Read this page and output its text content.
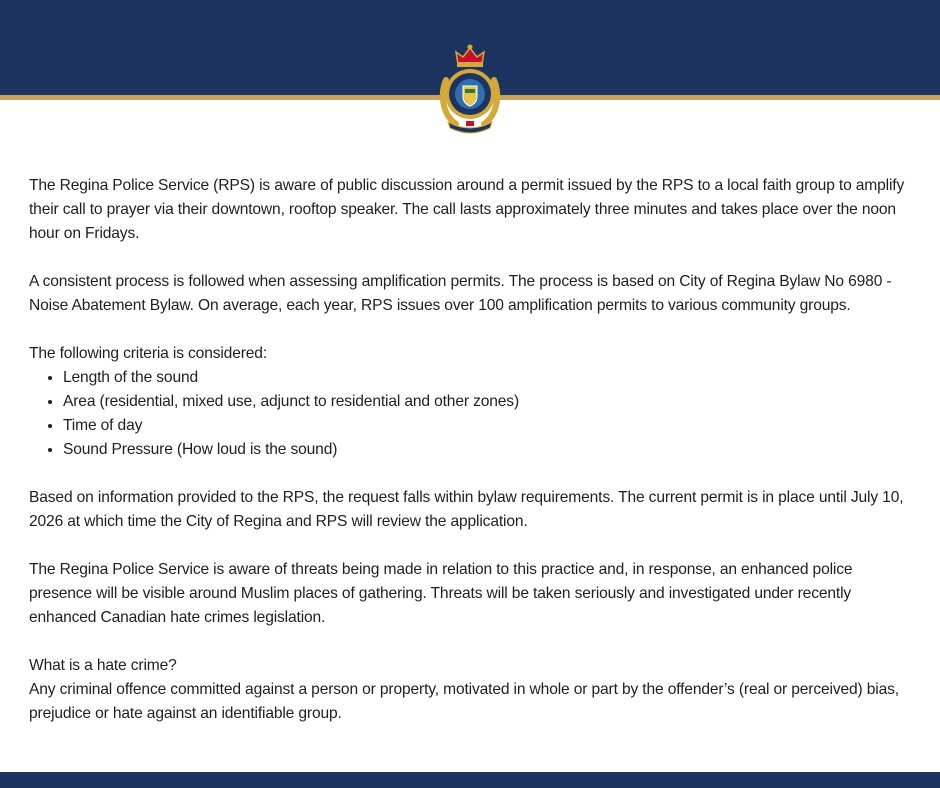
The Regina Police Service (RPS) is aware of public discussion around a permit issued by the RPS to a local faith group to amplify their call to prayer via their downtown, rooftop speaker. The call lasts approximately three minutes and takes place over the noon hour on Fridays.

A consistent process is followed when assessing amplification permits. The process is based on City of Regina Bylaw No 6980 - Noise Abatement Bylaw. On average, each year, RPS issues over 100 amplification permits to various community groups.

The following criteria is considered:

• Length of the sound
• Area (residential, mixed use, adjunct to residential and other zones)
• Time of day
• Sound Pressure (How loud is the sound)

Based on information provided to the RPS, the request falls within bylaw requirements. The current permit is in place until July 10, 2026 at which time the City of Regina and RPS will review the application.

The Regina Police Service is aware of threats being made in relation to this practice and, in response, an enhanced police presence will be visible around Muslim places of gathering. Threats will be taken seriously and investigated under recently enhanced Canadian hate crimes legislation.

What is a hate crime?

Any criminal offence committed against a person or property, motivated in whole or part by the offender’s (real or perceived) bias, prejudice or hate against an identifiable group.
